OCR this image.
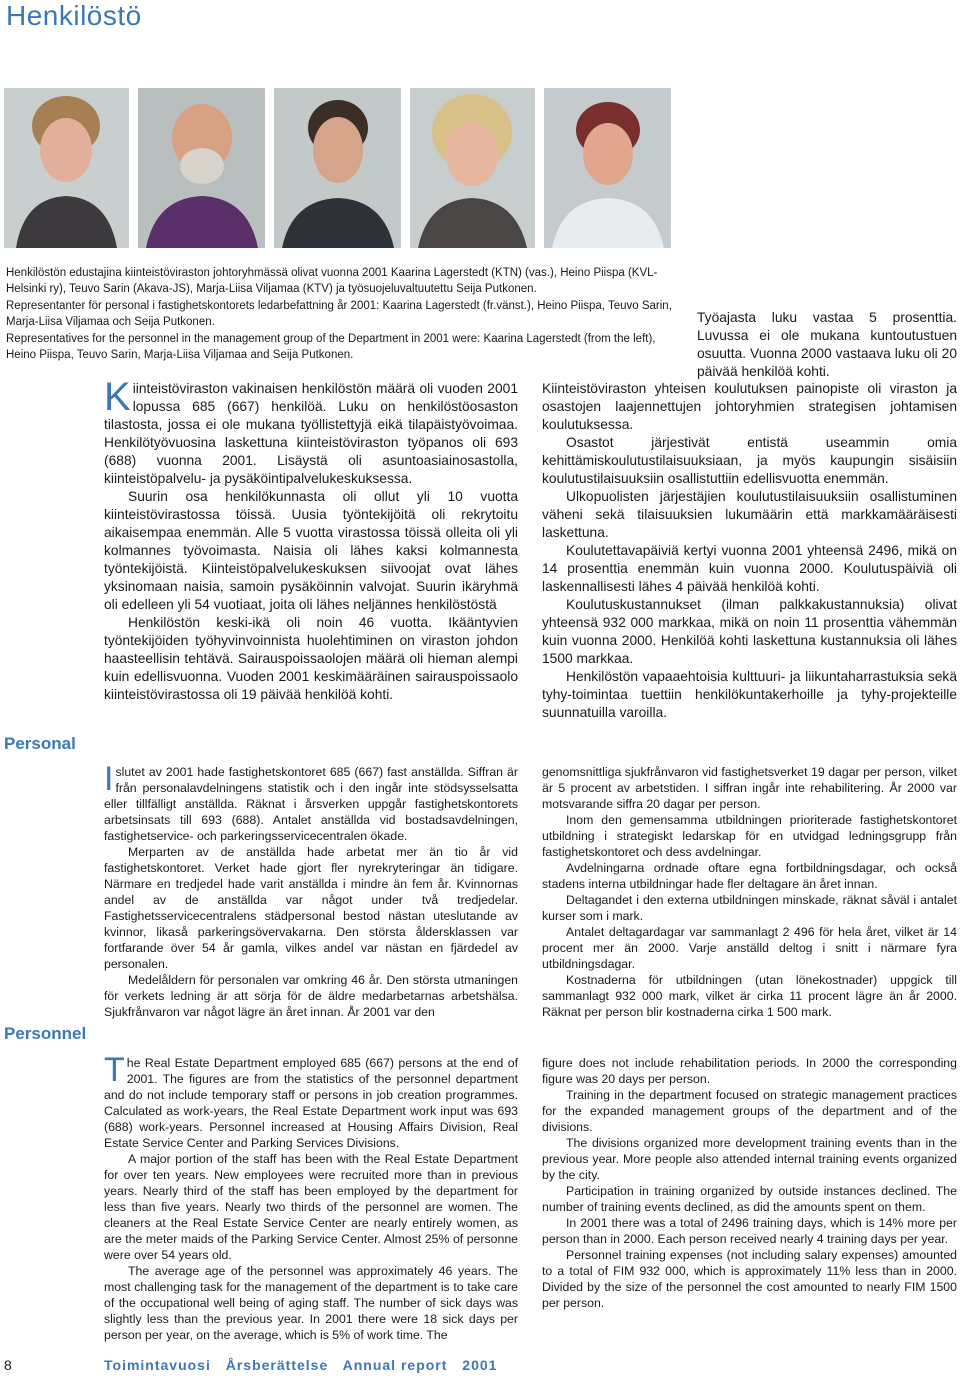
Henkilöstö

Henkilöstön edustajina kiinteistöviraston johtoryhmässä olivat vuonna 2001 Kaarina Lagerstedt (KTN) (vas.), Heino Piispa (KVL-Helsinki ry), Teuvo Sarin (Akava-JS), Marja-Liisa Viljamaa (KTV) ja työsuojeluvaltuutettu Seija Putkonen.

Representanter för personal i fastighetskontorets ledarbefattning år 2001: Kaarina Lagerstedt (fr.vänst.), Heino Piispa, Teuvo Sarin, Marja-Liisa Viljamaa och Seija Putkonen.

Representatives for the personnel in the management group of the Department in 2001 were: Kaarina Lagerstedt (from the left), Heino Piispa, Teuvo Sarin, Marja-Liisa Viljamaa and Seija Putkonen.

Työajasta luku vastaa 5 prosenttia. Luvussa ei ole mukana kuntoutustuen osuutta. Vuonna 2000 vastaava luku oli 20 päivää henkilöä kohti.

Kiinteistöviraston vakinaisen henkilöstön määrä oli vuoden 2001 lopussa 685 (667) henkilöä. Luku on henkilöstöosaston tilastosta, jossa ei ole mukana työllistettyjä eikä tilapäistyövoimaa. Henkilötyövuosina laskettuna kiinteistöviraston työpanos oli 693 (688) vuonna 2001. Lisäystä oli asuntoasiainosastolla, kiinteistöpalvelu- ja pysäköintipalvelukeskuksessa.

Suurin osa henkilökunnasta oli ollut yli 10 vuotta kiinteistövirastossa töissä. Uusia työntekijöitä oli rekrytoitu aikaisempaa enemmän. Alle 5 vuotta virastossa töissä olleita oli yli kolmannes työvoimasta. Naisia oli lähes kaksi kolmannesta työntekijöistä. Kiinteistöpalvelukeskuksen siivoojat ovat lähes yksinomaan naisia, samoin pysäköinnin valvojat. Suurin ikäryhmä oli edelleen yli 54 vuotiaat, joita oli lähes neljännes henkilöstöstä

Henkilöstön keski-ikä oli noin 46 vuotta. Ikääntyvien työntekijöiden työhyvinvoinnista huolehtiminen on viraston johdon haasteellisin tehtävä. Sairauspoissaolojen määrä oli hieman alempi kuin edellisvuonna. Vuoden 2001 keskimääräinen sairauspoissaolo kiinteistövirastossa oli 19 päivää henkilöä kohti.

Kiinteistöviraston yhteisen koulutuksen painopiste oli viraston ja osastojen laajennettujen johtoryhmien strategisen johtamisen koulutuksessa.

Osastot järjestivät entistä useammin omia kehittämiskoulutustilaisuuksiaan, ja myös kaupungin sisäisiin koulutustilaisuuksiin osallistuttiin edellisvuotta enemmän.

Ulkopuolisten järjestäjien koulutustilaisuuksiin osallistuminen väheni sekä tilaisuuksien lukumäärin että markkamääräisesti laskettuna.

Koulutettavapäiviä kertyi vuonna 2001 yhteensä 2496, mikä on 14 prosenttia enemmän kuin vuonna 2000. Koulutuspäiviä oli laskennallisesti lähes 4 päivää henkilöä kohti.

Koulutuskustannukset (ilman palkkakustannuksia) olivat yhteensä 932 000 markkaa, mikä on noin 11 prosenttia vähemmän kuin vuonna 2000. Henkilöä kohti laskettuna kustannuksia oli lähes 1500 markkaa.

Henkilöstön vapaaehtoisia kulttuuri- ja liikuntaharrastuksia sekä tyhy-toimintaa tuettiin henkilökuntakerhoille ja tyhy-projekteille suunnatuilla varoilla.

Personal
Personnel

Islutet av 2001 hade fastighetskontoret 685 (667) fast anställda. Siffran är från personalavdelningens statistik och i den ingår inte stödsysselsatta eller tillfälligt anställda. Räknat i årsverken uppgår fastighetskontorets arbetsinsats till 693 (688). Antalet anställda vid bostadsavdelningen, fastighetservice- och parkeringsservicecentralen ökade.

Merparten av de anställda hade arbetat mer än tio år vid fastighetskontoret. Verket hade gjort fler nyrekryteringar än tidigare. Närmare en tredjedel hade varit anställda i mindre än fem år. Kvinnornas andel av de anställda var något under två tredjedelar. Fastighetsservicecentralens städpersonal bestod nästan uteslutande av kvinnor, likaså parkeringsövervakarna. Den största åldersklassen var fortfarande över 54 år gamla, vilkes andel var nästan en fjärdedel av personalen.

Medelåldern för personalen var omkring 46 år. Den största utmaningen för verkets ledning är att sörja för de äldre medarbetarnas arbetshälsa. Sjukfrånvaron var något lägre än året innan. År 2001 var den

genomsnittliga sjukfrånvaron vid fastighetsverket 19 dagar per person, vilket är 5 procent av arbetstiden. I siffran ingår inte rehabilitering. År 2000 var motsvarande siffra 20 dagar per person.

Inom den gemensamma utbildningen prioriterade fastighetskontoret utbildning i strategiskt ledarskap för en utvidgad ledningsgrupp från fastighetskontoret och dess avdelningar.

Avdelningarna ordnade oftare egna fortbildningsdagar, och också stadens interna utbildningar hade fler deltagare än året innan.

Deltagandet i den externa utbildningen minskade, räknat såväl i antalet kurser som i mark.

Antalet deltagardagar var sammanlagt 2 496 för hela året, vilket är 14 procent mer än 2000. Varje anställd deltog i snitt i närmare fyra utbildningsdagar.

Kostnaderna för utbildningen (utan lönekostnader) uppgick till sammanlagt 932 000 mark, vilket är cirka 11 procent lägre än år 2000. Räknat per person blir kostnaderna cirka 1 500 mark.

The Real Estate Department employed 685 (667) persons at the end of 2001. The figures are from the statistics of the personnel department and do not include temporary staff or persons in job creation programmes. Calculated as work-years, the Real Estate Department work input was 693 (688) work-years. Personnel increased at Housing Affairs Division, Real Estate Service Center and Parking Services Divisions.

A major portion of the staff has been with the Real Estate Department for over ten years. New employees were recruited more than in previous years. Nearly third of the staff has been employed by the department for less than five years. Nearly two thirds of the personnel are women. The cleaners at the Real Estate Service Center are nearly entirely women, as are the meter maids of the Parking Service Center. Almost 25% of personne were over 54 years old.

The average age of the personnel was approximately 46 years. The most challenging task for the management of the department is to take care of the occupational well being of aging staff. The number of sick days was slightly less than the previous year. In 2001 there were 18 sick days per person per year, on the average, which is 5% of work time. The

figure does not include rehabilitation periods. In 2000 the corresponding figure was 20 days per person.

Training in the department focused on strategic management practices for the expanded management groups of the department and of the divisions.

The divisions organized more development training events than in the previous year. More people also attended internal training events organized by the city.

Participation in training organized by outside instances declined. The number of training events declined, as did the amounts spent on them.

In 2001 there was a total of 2496 training days, which is 14% more per person than in 2000. Each person received nearly 4 training days per year.

Personnel training expenses (not including salary expenses) amounted to a total of FIM 932 000, which is approximately 11% less than in 2000. Divided by the size of the personnel the cost amounted to nearly FIM 1500 per person.

8	Toimintavuosi Årsberättelse Annual report 2001
